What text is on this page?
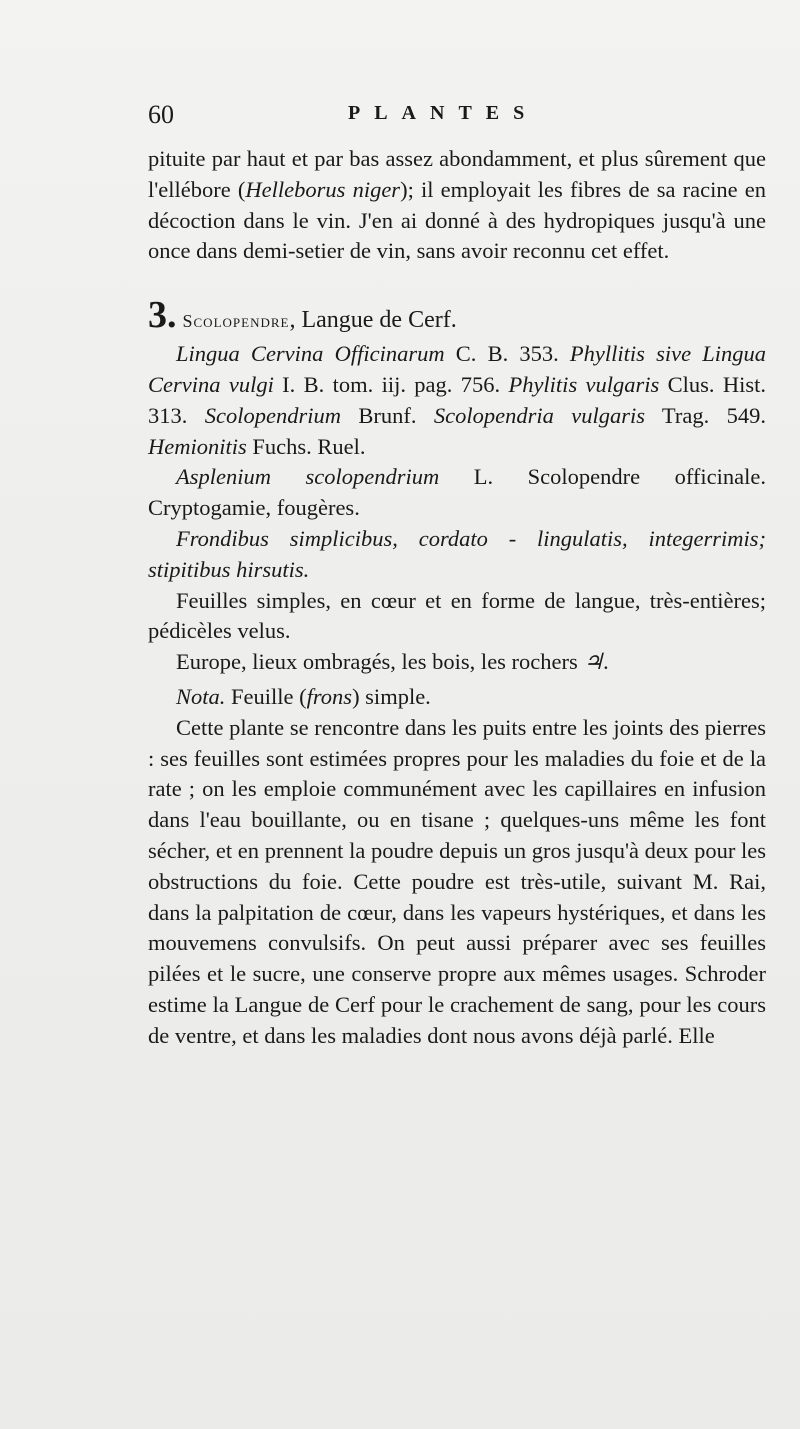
60	PLANTES

pituite par haut et par bas assez abondamment, et plus sûrement que l'ellébore (Helleborus niger); il employait les fibres de sa racine en décoction dans le vin. J'en ai donné à des hydropiques jusqu'à une once dans demi-setier de vin, sans avoir reconnu cet effet.

3. Scolopendre, Langue de Cerf.

Lingua Cervina Officinarum C. B. 353. Phyllitis sive Lingua Cervina vulgi I. B. tom. iij. pag. 756. Phylitis vulgaris Clus. Hist. 313. Scolopendrium Brunf. Scolopendria vulgaris Trag. 549. Hemionitis Fuchs. Ruel.

Asplenium scolopendrium L. Scolopendre officinale. Cryptogamie, fougères.

Frondibus simplicibus, cordato - lingulatis, integerrimis; stipitibus hirsutis.

Feuilles simples, en cœur et en forme de langue, très-entières; pédicèles velus.

Europe, lieux ombragés, les bois, les rochers ♃.

Nota. Feuille (frons) simple.

Cette plante se rencontre dans les puits entre les joints des pierres : ses feuilles sont estimées propres pour les maladies du foie et de la rate ; on les emploie communément avec les capillaires en infusion dans l'eau bouillante, ou en tisane ; quelques-uns même les font sécher, et en prennent la poudre depuis un gros jusqu'à deux pour les obstructions du foie. Cette poudre est très-utile, suivant M. Rai, dans la palpitation de cœur, dans les vapeurs hystériques, et dans les mouvemens convulsifs. On peut aussi préparer avec ses feuilles pilées et le sucre, une conserve propre aux mêmes usages. Schroder estime la Langue de Cerf pour le crachement de sang, pour les cours de ventre, et dans les maladies dont nous avons déjà parlé. Elle
